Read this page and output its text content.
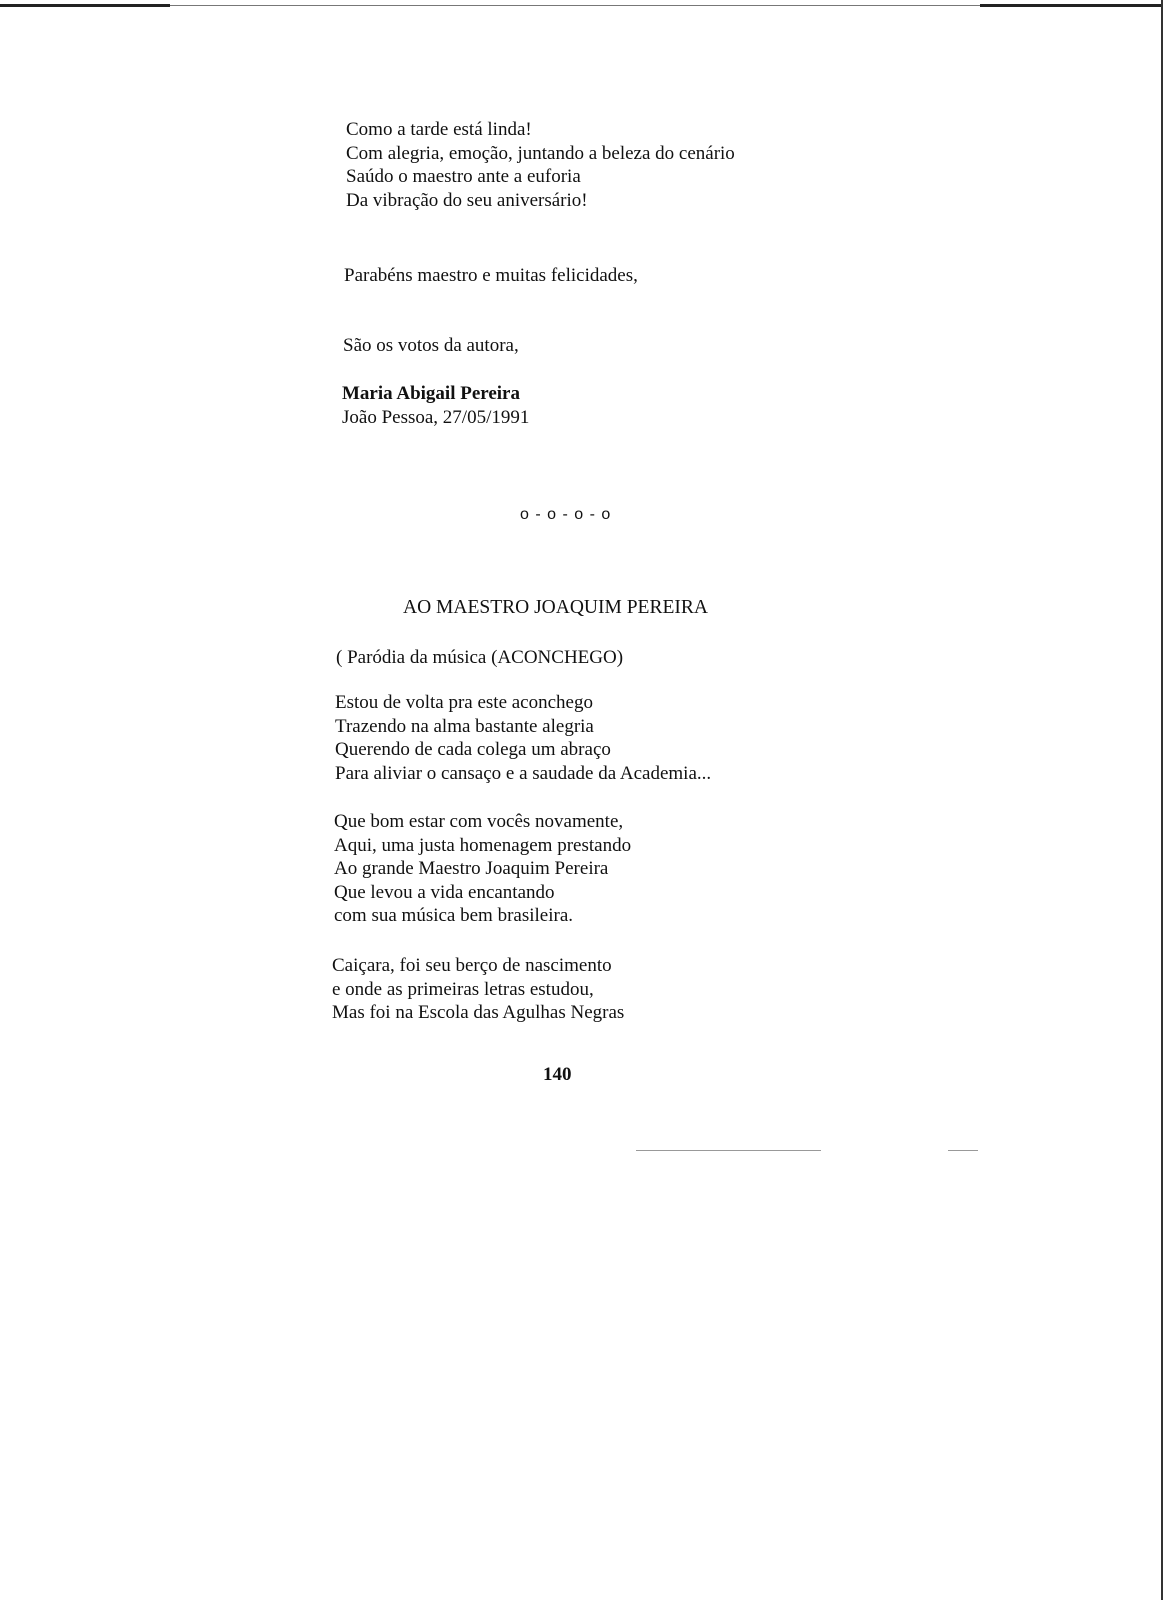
Como a tarde está linda!
Com alegria, emoção, juntando a beleza do cenário
Saúdo o maestro ante a euforia
Da vibração do seu aniversário!
Parabéns maestro e muitas felicidades,
São os votos da autora,
Maria Abigail Pereira
João Pessoa, 27/05/1991
o - o - o - o
AO MAESTRO JOAQUIM PEREIRA
( Paródia da música (ACONCHEGO)
Estou de volta pra este aconchego
Trazendo na alma bastante alegria
Querendo de cada colega um abraço
Para aliviar o cansaço e a saudade da Academia...
Que bom estar com vocês novamente,
Aqui, uma justa homenagem prestando
Ao grande Maestro Joaquim Pereira
Que levou a vida encantando
com sua música bem brasileira.
Caiçara, foi seu berço de nascimento
e onde as primeiras letras estudou,
Mas foi na Escola das Agulhas Negras
140
